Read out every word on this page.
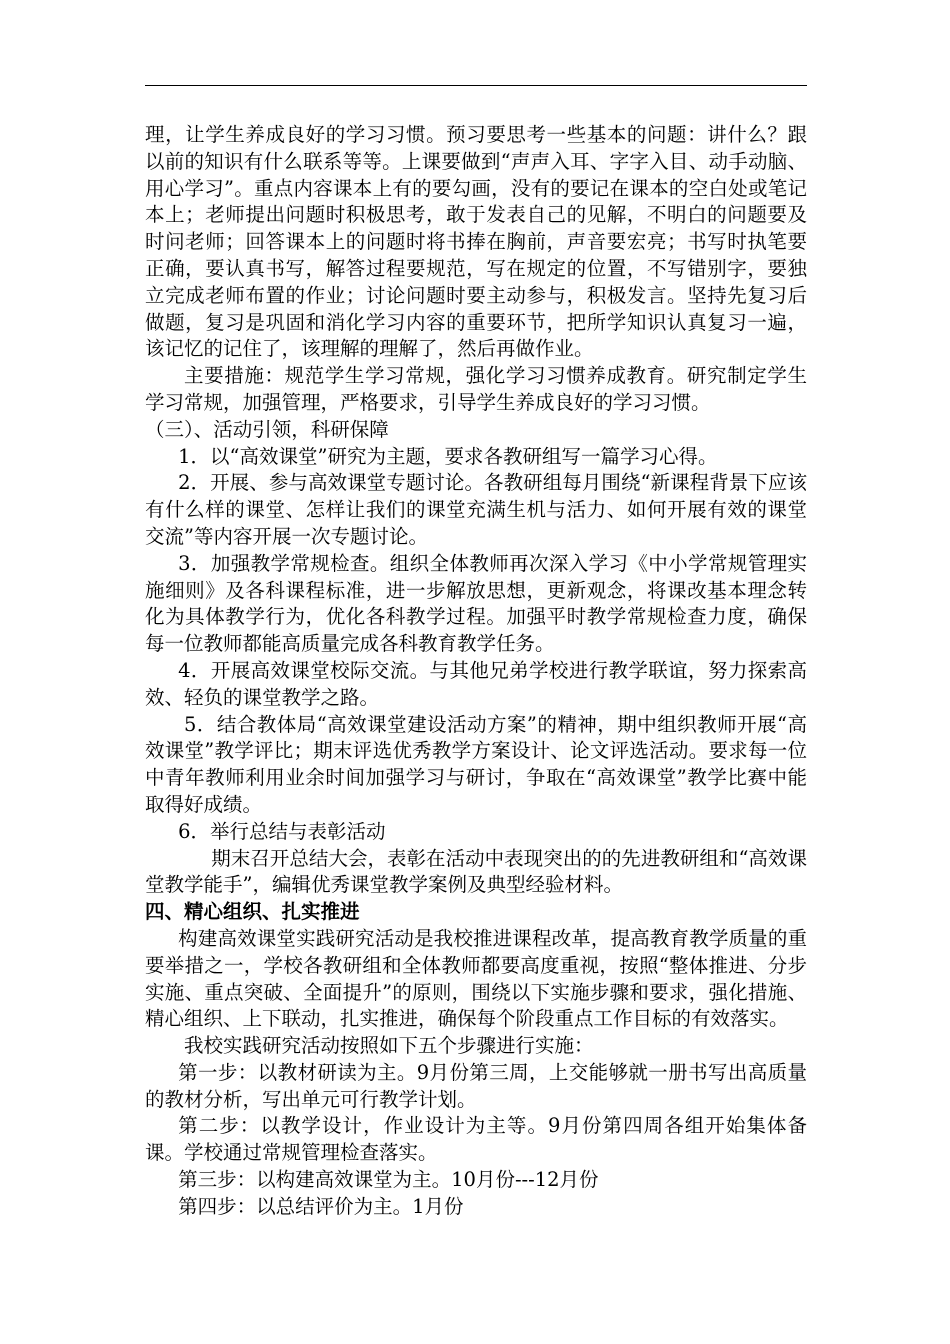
理，让学生养成良好的学习习惯。预习要思考一些基本的问题：讲什么？跟以前的知识有什么联系等等。上课要做到“声声入耳、字字入目、动手动脑、用心学习”。重点内容课本上有的要勾画，没有的要记在课本的空白处或笔记本上；老师提出问题时积极思考，敢于发表自己的见解，不明白的问题要及时问老师；回答课本上的问题时将书捧在胸前，声音要宏亮；书写时执笔要正确，要认真书写，解答过程要规范，写在规定的位置，不写错别字，要独立完成老师布置的作业；讨论问题时要主动参与，积极发言。坚持先复习后做题，复习是巩固和消化学习内容的重要环节，把所学知识认真复习一遍，该记忆的记住了，该理解的理解了，然后再做作业。

主要措施：规范学生学习常规，强化学习习惯养成教育。研究制定学生学习常规，加强管理，严格要求，引导学生养成良好的学习习惯。

（三）、活动引领，科研保障

1．以“高效课堂”研究为主题，要求各教研组写一篇学习心得。

2．开展、参与高效课堂专题讨论。各教研组每月围绕“新课程背景下应该有什么样的课堂、怎样让我们的课堂充满生机与活力、如何开展有效的课堂交流”等内容开展一次专题讨论。

3．加强教学常规检查。组织全体教师再次深入学习《中小学常规管理实施细则》及各科课程标准，进一步解放思想，更新观念，将课改基本理念转化为具体教学行为，优化各科教学过程。加强平时教学常规检查力度，确保每一位教师都能高质量完成各科教育教学任务。

4．开展高效课堂校际交流。与其他兄弟学校进行教学联谊，努力探索高效、轻负的课堂教学之路。

5．结合教体局“高效课堂建设活动方案”的精神，期中组织教师开展“高效课堂”教学评比；期末评选优秀教学方案设计、论文评选活动。要求每一位中青年教师利用业余时间加强学习与研讨，争取在“高效课堂”教学比赛中能取得好成绩。

6．举行总结与表彰活动

期末召开总结大会，表彰在活动中表现突出的的先进教研组和“高效课堂教学能手”，编辑优秀课堂教学案例及典型经验材料。

四、精心组织、扎实推进

构建高效课堂实践研究活动是我校推进课程改革，提高教育教学质量的重要举措之一，学校各教研组和全体教师都要高度重视，按照“整体推进、分步实施、重点突破、全面提升”的原则，围绕以下实施步骤和要求，强化措施、精心组织、上下联动，扎实推进，确保每个阶段重点工作目标的有效落实。

我校实践研究活动按照如下五个步骤进行实施：

第一步：以教材研读为主。9月份第三周，上交能够就一册书写出高质量的教材分析，写出单元可行教学计划。

第二步：以教学设计，作业设计为主等。9月份第四周各组开始集体备课。学校通过常规管理检查落实。

第三步：以构建高效课堂为主。10月份---12月份

第四步：以总结评价为主。1月份
